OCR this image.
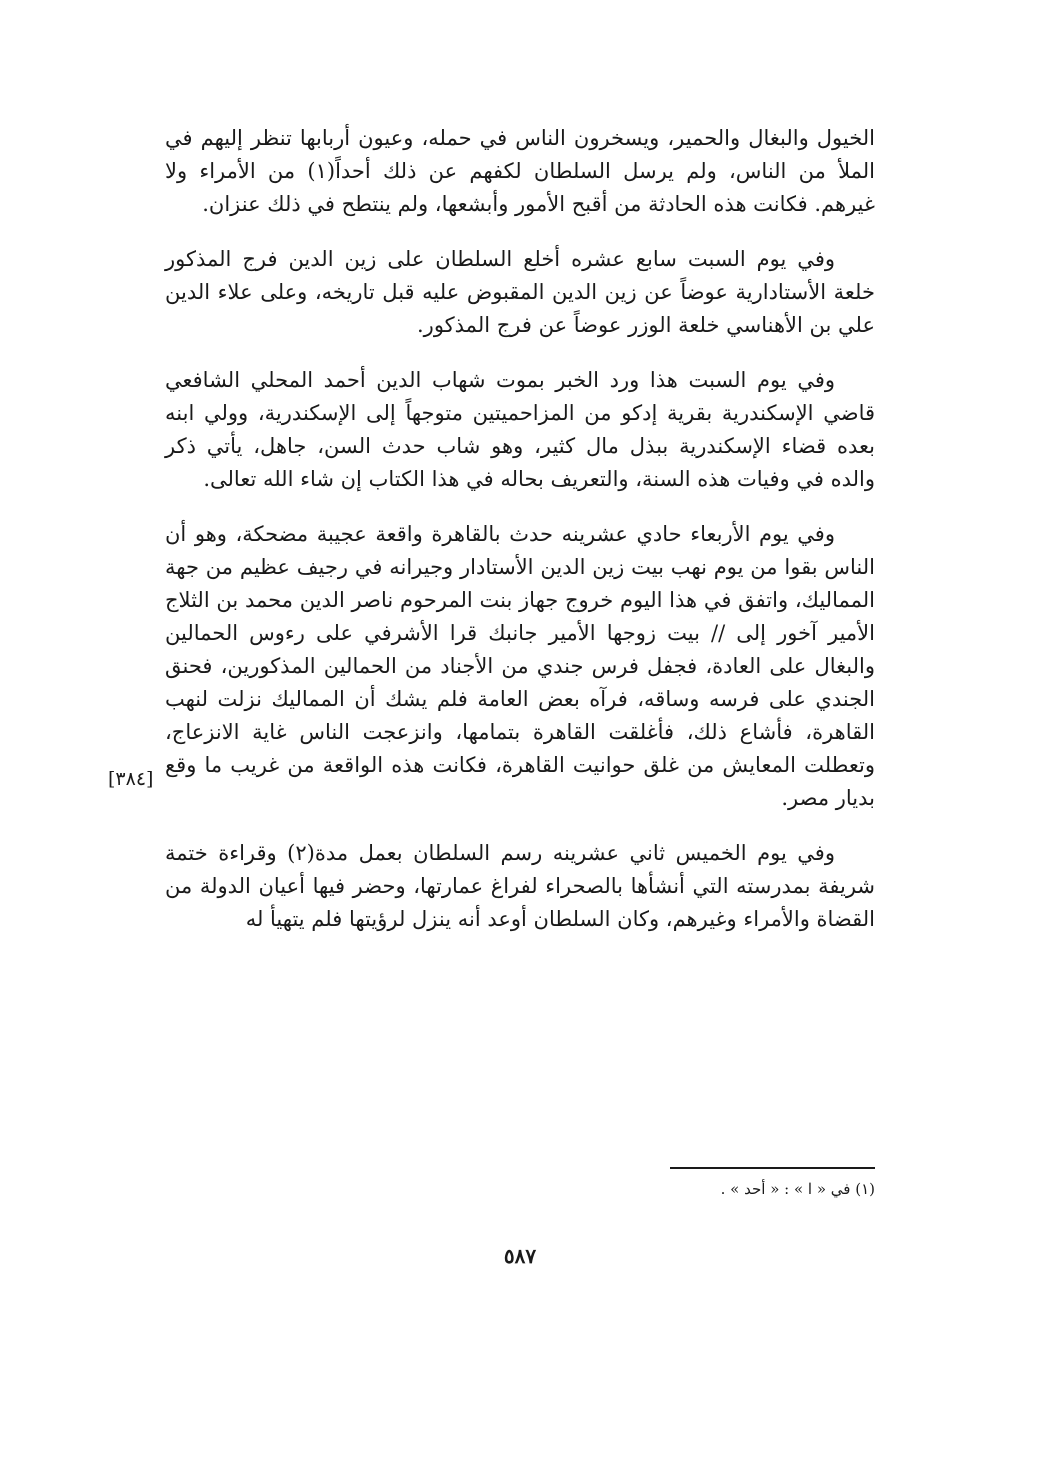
الخيول والبغال والحمير، ويسخرون الناس في حمله، وعيون أربابها تنظر إليهم في الملأ من الناس، ولم يرسل السلطان لكفهم عن ذلك أحداً(١) من الأمراء ولا غيرهم. فكانت هذه الحادثة من أقبح الأمور وأبشعها، ولم ينتطح في ذلك عنزان.

وفي يوم السبت سابع عشره أخلع السلطان على زين الدين فرج المذكور خلعة الأستادارية عوضاً عن زين الدين المقبوض عليه قبل تاريخه، وعلى علاء الدين علي بن الأهناسي خلعة الوزر عوضاً عن فرج المذكور.

وفي يوم السبت هذا ورد الخبر بموت شهاب الدين أحمد المحلي الشافعي قاضي الإسكندرية بقرية إدكو من المزاحميتين متوجهاً إلى الإسكندرية، وولي ابنه بعده قضاء الإسكندرية ببذل مال كثير، وهو شاب حدث السن، جاهل، يأتي ذكر والده في وفيات هذه السنة، والتعريف بحاله في هذا الكتاب إن شاء الله تعالى.

وفي يوم الأربعاء حادي عشرينه حدث بالقاهرة واقعة عجيبة مضحكة، وهو أن الناس بقوا من يوم نهب بيت زين الدين الأستادار وجيرانه في رجيف عظيم من جهة المماليك، واتفق في هذا اليوم خروج جهاز بنت المرحوم ناصر الدين محمد بن الثلاج الأمير آخور إلى // بيت زوجها الأمير جانبك قرا الأشرفي على رءوس الحمالين والبغال على العادة، فجفل فرس جندي من الأجناد من الحمالين المذكورين، فحنق الجندي على فرسه وساقه، فرآه بعض العامة فلم يشك أن المماليك نزلت لنهب القاهرة، فأشاع ذلك، فأغلقت القاهرة بتمامها، وانزعجت الناس غاية الانزعاج، وتعطلت المعايش من غلق حوانيت القاهرة، فكانت هذه الواقعة من غريب ما وقع بديار مصر.

وفي يوم الخميس ثاني عشرينه رسم السلطان بعمل مدة(٢) وقراءة ختمة شريفة بمدرسته التي أنشأها بالصحراء لفراغ عمارتها، وحضر فيها أعيان الدولة من القضاة والأمراء وغيرهم، وكان السلطان أوعد أنه ينزل لرؤيتها فلم يتهيأ له

[٣٨٤]
(١) في « ا » : « أحد » .
٥٨٧
